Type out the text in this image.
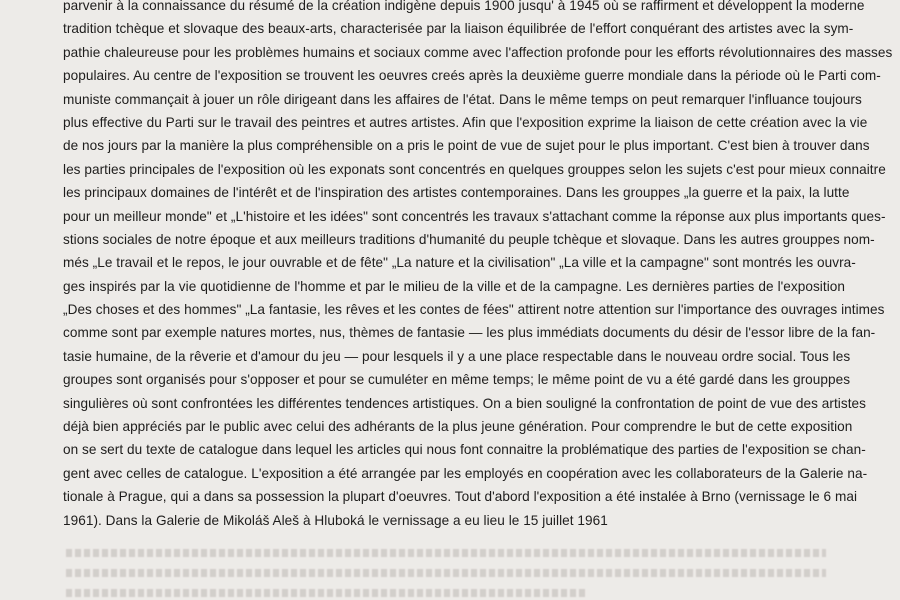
parvenir à la connaissance du résumé de la création indigène depuis 1900 jusqu' à 1945 où se raffirment et développent la moderne
tradition tchèque et slovaque des beaux-arts, characterisée par la liaison équilibrée de l'effort conquérant des artistes avec la sym-
pathie chaleureuse pour les problèmes humains et sociaux comme avec l'affection profonde pour les efforts révolutionnaires des masses
populaires. Au centre de l'exposition se trouvent les oeuvres creés après la deuxième guerre mondiale dans la période où le Parti com-
muniste commançait à jouer un rôle dirigeant dans les affaires de l'état. Dans le même temps on peut remarquer l'influance toujours
plus effective du Parti sur le travail des peintres et autres artistes. Afin que l'exposition exprime la liaison de cette création avec la vie
de nos jours par la manière la plus compréhensible on a pris le point de vue de sujet pour le plus important. C'est bien à trouver dans
les parties principales de l'exposition où les exponats sont concentrés en quelques grouppes selon les sujets c'est pour mieux connaitre
les principaux domaines de l'intérêt et de l'inspiration des artistes contemporaines. Dans les grouppes „la guerre et la paix, la lutte
pour un meilleur monde" et „L'histoire et les idées" sont concentrés les travaux s'attachant comme la réponse aux plus importants ques-
stions sociales de notre époque et aux meilleurs traditions d'humanité du peuple tchèque et slovaque. Dans les autres grouppes nom-
més „Le travail et le repos, le jour ouvrable et de fête" „La nature et la civilisation" „La ville et la campagne" sont montrés les ouvra-
ges inspirés par la vie quotidienne de l'homme et par le milieu de la ville et de la campagne. Les dernières parties de l'exposition
„Des choses et des hommes" „La fantasie, les rêves et les contes de fées" attirent notre attention sur l'importance des ouvrages intimes
comme sont par exemple natures mortes, nus, thèmes de fantasie — les plus immédiats documents du désir de l'essor libre de la fan-
tasie humaine, de la rêverie et d'amour du jeu — pour lesquels il y a une place respectable dans le nouveau ordre social. Tous les
groupes sont organisés pour s'opposer et pour se cumuléter en même temps; le même point de vu a été gardé dans les grouppes
singulières où sont confrontées les différentes tendences artistiques. On a bien souligné la confrontation de point de vue des artistes
déjà bien appréciés par le public avec celui des adhérants de la plus jeune génération. Pour comprendre le but de cette exposition
on se sert du texte de catalogue dans lequel les articles qui nous font connaitre la problématique des parties de l'exposition se chan-
gent avec celles de catalogue. L'exposition a été arrangée par les employés en coopération avec les collaborateurs de la Galerie na-
tionale à Prague, qui a dans sa possession la plupart d'oeuvres. Tout d'abord l'exposition a été instalée à Brno (vernissage le 6 mai
1961). Dans la Galerie de Mikoláš Aleš à Hluboká le vernissage a eu lieu le 15 juillet 1961
